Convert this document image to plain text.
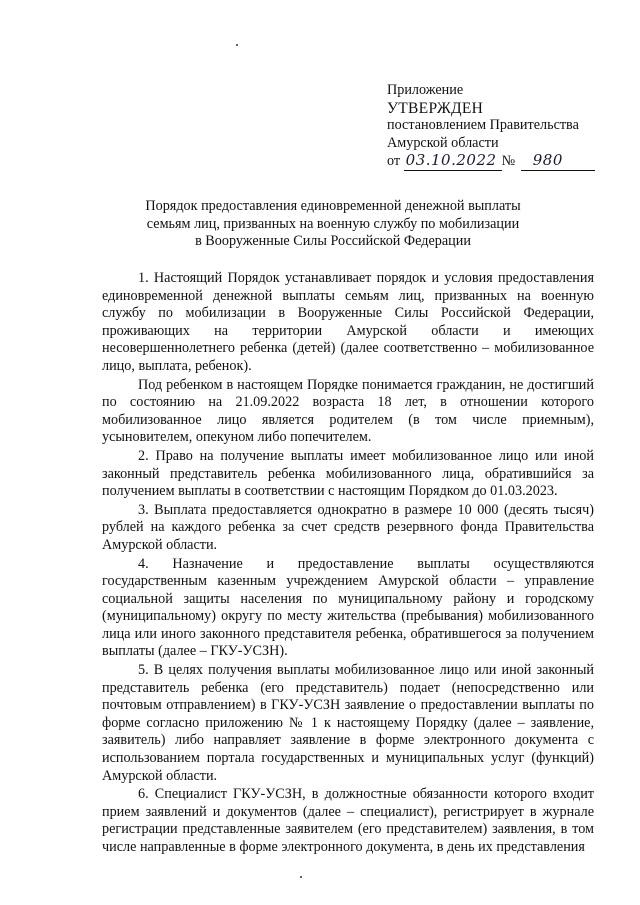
Приложение
УТВЕРЖДЕН
постановлением Правительства
Амурской области
от 03.10.2022 № 980
Порядок предоставления единовременной денежной выплаты
семьям лиц, призванных на военную службу по мобилизации
в Вооруженные Силы Российской Федерации

1. Настоящий Порядок устанавливает порядок и условия предоставления единовременной денежной выплаты семьям лиц, призванных на военную службу по мобилизации в Вооруженные Силы Российской Федерации, проживающих на территории Амурской области и имеющих несовершеннолетнего ребенка (детей) (далее соответственно – мобилизованное лицо, выплата, ребенок).

Под ребенком в настоящем Порядке понимается гражданин, не достигший по состоянию на 21.09.2022 возраста 18 лет, в отношении которого мобилизованное лицо является родителем (в том числе приемным), усыновителем, опекуном либо попечителем.

2. Право на получение выплаты имеет мобилизованное лицо или иной законный представитель ребенка мобилизованного лица, обратившийся за получением выплаты в соответствии с настоящим Порядком до 01.03.2023.

3. Выплата предоставляется однократно в размере 10 000 (десять тысяч) рублей на каждого ребенка за счет средств резервного фонда Правительства Амурской области.

4. Назначение и предоставление выплаты осуществляются государственным казенным учреждением Амурской области – управление социальной защиты населения по муниципальному району и городскому (муниципальному) округу по месту жительства (пребывания) мобилизованного лица или иного законного представителя ребенка, обратившегося за получением выплаты (далее – ГКУ-УСЗН).

5. В целях получения выплаты мобилизованное лицо или иной законный представитель ребенка (его представитель) подает (непосредственно или почтовым отправлением) в ГКУ-УСЗН заявление о предоставлении выплаты по форме согласно приложению № 1 к настоящему Порядку (далее – заявление, заявитель) либо направляет заявление в форме электронного документа с использованием портала государственных и муниципальных услуг (функций) Амурской области.

6. Специалист ГКУ-УСЗН, в должностные обязанности которого входит прием заявлений и документов (далее – специалист), регистрирует в журнале регистрации представленные заявителем (его представителем) заявления, в том числе направленные в форме электронного документа, в день их представления
